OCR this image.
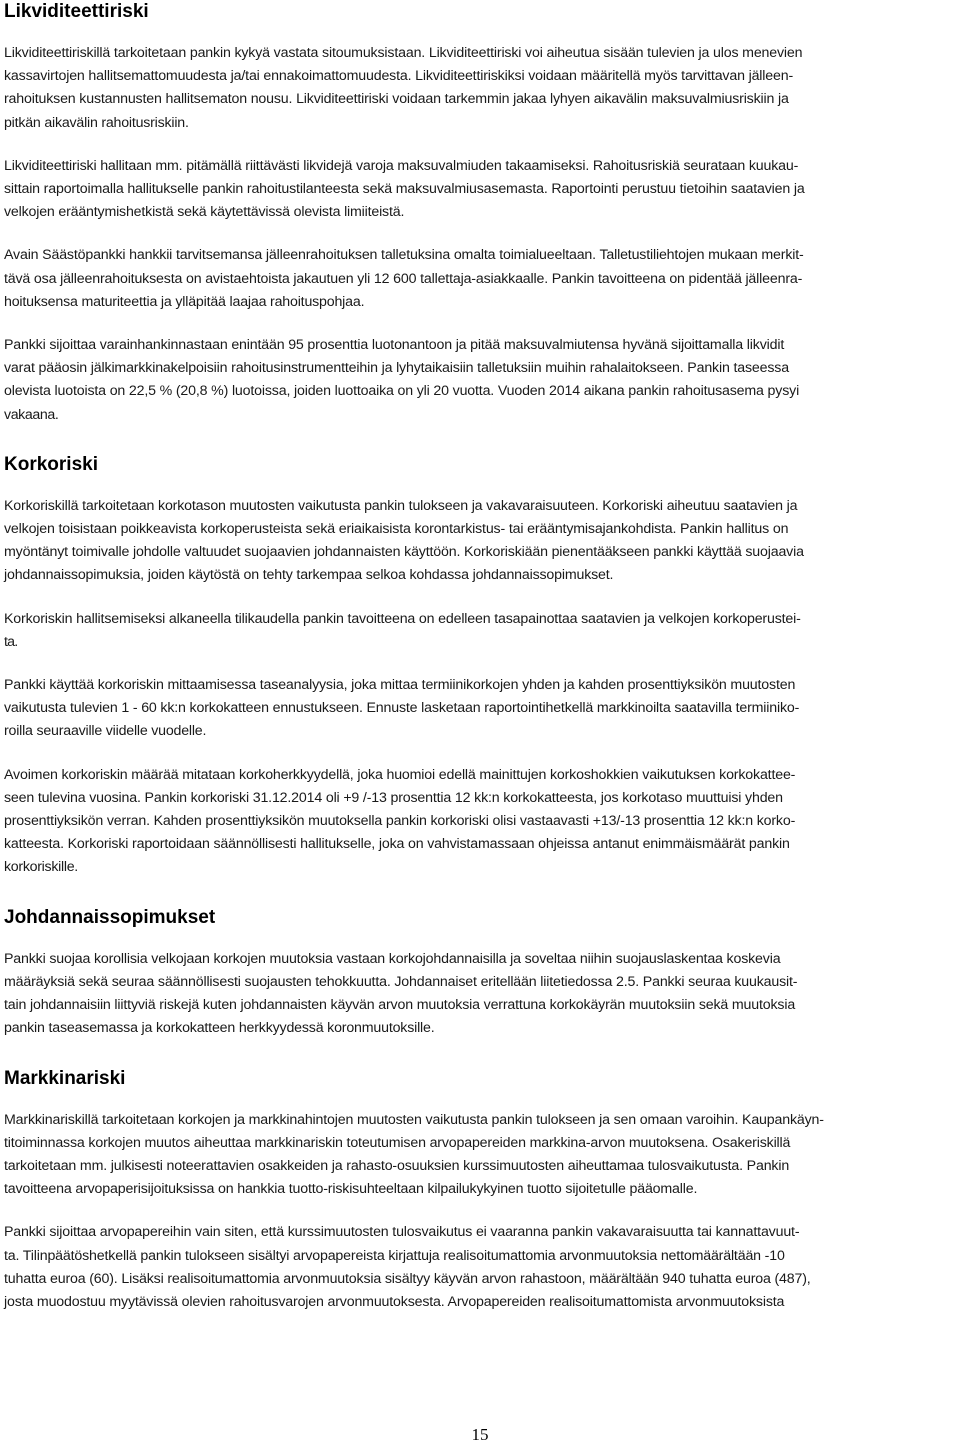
Likviditeettiriski

Likviditeettiriskillä tarkoitetaan pankin kykyä vastata sitoumuksistaan. Likviditeettiriski voi aiheutua sisään tulevien ja ulos menevien

kassavirtojen hallitsemattomuudesta ja/tai ennakoimattomuudesta. Likviditeettiriskiksi voidaan määritellä myös tarvittavan jälleen-

rahoituksen kustannusten hallitsematon nousu. Likviditeettiriski voidaan tarkemmin jakaa lyhyen aikavälin maksuvalmiusriskiin ja

pitkän aikavälin rahoitusriskiin.

Likviditeettiriski hallitaan mm. pitämällä riittävästi likvidejä varoja maksuvalmiuden takaamiseksi. Rahoitusriskiä seurataan kuukau-

sittain raportoimalla hallitukselle pankin rahoitustilanteesta sekä maksuvalmiusasemasta. Raportointi perustuu tietoihin saatavien ja

velkojen erääntymishetkistä sekä käytettävissä olevista limiiteistä.

Avain Säästöpankki hankkii tarvitsemansa jälleenrahoituksen talletuksina omalta toimialueeltaan. Talletustiliehtojen mukaan merkit-

tävä osa jälleenrahoituksesta on avistaehtoista jakautuen yli 12 600 tallettaja-asiakkaalle. Pankin tavoitteena on pidentää jälleenra-

hoituksensa maturiteettia ja ylläpitää laajaa rahoituspohjaa.

Pankki sijoittaa varainhankinnastaan enintään 95 prosenttia luotonantoon ja pitää maksuvalmiutensa hyvänä sijoittamalla likvidit

varat pääosin jälkimarkkinakelpoisiin rahoitusinstrumentteihin ja lyhytaikaisiin talletuksiin muihin rahalaitokseen. Pankin taseessa

olevista luotoista on 22,5 % (20,8 %) luotoissa, joiden luottoaika on yli 20 vuotta. Vuoden 2014 aikana pankin rahoitusasema pysyi

vakaana.

Korkoriski

Korkoriskillä tarkoitetaan korkotason muutosten vaikutusta pankin tulokseen ja vakavaraisuuteen. Korkoriski aiheutuu saatavien ja

velkojen toisistaan poikkeavista korkoperusteista sekä eriaikaisista korontarkistus- tai erääntymisajankohdista. Pankin hallitus on

myöntänyt toimivalle johdolle valtuudet suojaavien johdannaisten käyttöön. Korkoriskiään pienentääkseen pankki käyttää suojaavia

johdannaissopimuksia, joiden käytöstä on tehty tarkempaa selkoa kohdassa johdannaissopimukset.

Korkoriskin hallitsemiseksi alkaneella tilikaudella pankin tavoitteena on edelleen tasapainottaa saatavien ja velkojen korkoperustei-

ta.

Pankki käyttää korkoriskin mittaamisessa taseanalyysia, joka mittaa termiinikorkojen yhden ja kahden prosenttiyksikön muutosten

vaikutusta tulevien 1 - 60 kk:n korkokatteen ennustukseen. Ennuste lasketaan raportointihetkellä markkinoilta saatavilla termiiniko-

roilla seuraaville viidelle vuodelle.

Avoimen korkoriskin määrää mitataan korkoherkkyydellä, joka huomioi edellä mainittujen korkoshokkien vaikutuksen korkokattee-

seen tulevina vuosina. Pankin korkoriski 31.12.2014 oli +9 /-13 prosenttia 12 kk:n korkokatteesta, jos korkotaso muuttuisi yhden

prosenttiyksikön verran. Kahden prosenttiyksikön muutoksella pankin korkoriski olisi vastaavasti +13/-13 prosenttia 12 kk:n korko-

katteesta. Korkoriski raportoidaan säännöllisesti hallitukselle, joka on vahvistamassaan ohjeissa antanut enimmäismäärät pankin

korkoriskille.

Johdannaissopimukset

Pankki suojaa korollisia velkojaan korkojen muutoksia vastaan korkojohdannaisilla ja soveltaa niihin suojauslaskentaa koskevia

määräyksiä sekä seuraa säännöllisesti suojausten tehokkuutta. Johdannaiset eritellään liitetiedossa 2.5. Pankki seuraa kuukausit-

tain johdannaisiin liittyviä riskejä kuten johdannaisten käyvän arvon muutoksia verrattuna korkokäyrän muutoksiin sekä muutoksia

pankin taseasemassa ja korkokatteen herkkyydessä koronmuutoksille.

Markkinariski

Markkinariskillä tarkoitetaan korkojen ja markkinahintojen muutosten vaikutusta pankin tulokseen ja sen omaan varoihin. Kaupankäyn-

titoiminnassa korkojen muutos aiheuttaa markkinariskin toteutumisen arvopapereiden markkina-arvon muutoksena. Osakeriskillä

tarkoitetaan mm. julkisesti noteerattavien osakkeiden ja rahasto-osuuksien kurssimuutosten aiheuttamaa tulosvaikutusta. Pankin

tavoitteena arvopaperisijoituksissa on hankkia tuotto-riskisuhteeltaan kilpailukykyinen tuotto sijoitetulle pääomalle.

Pankki sijoittaa arvopapereihin vain siten, että kurssimuutosten tulosvaikutus ei vaaranna pankin vakavaraisuutta tai kannattavuut-

ta. Tilinpäätöshetkellä pankin tulokseen sisältyi arvopapereista kirjattuja realisoitumattomia arvonmuutoksia nettomäärältään -10

tuhatta euroa (60). Lisäksi realisoitumattomia arvonmuutoksia sisältyy käyvän arvon rahastoon, määrältään 940 tuhatta euroa (487),

josta muodostuu myytävissä olevien rahoitusvarojen arvonmuutoksesta. Arvopapereiden realisoitumattomista arvonmuutoksista

15
